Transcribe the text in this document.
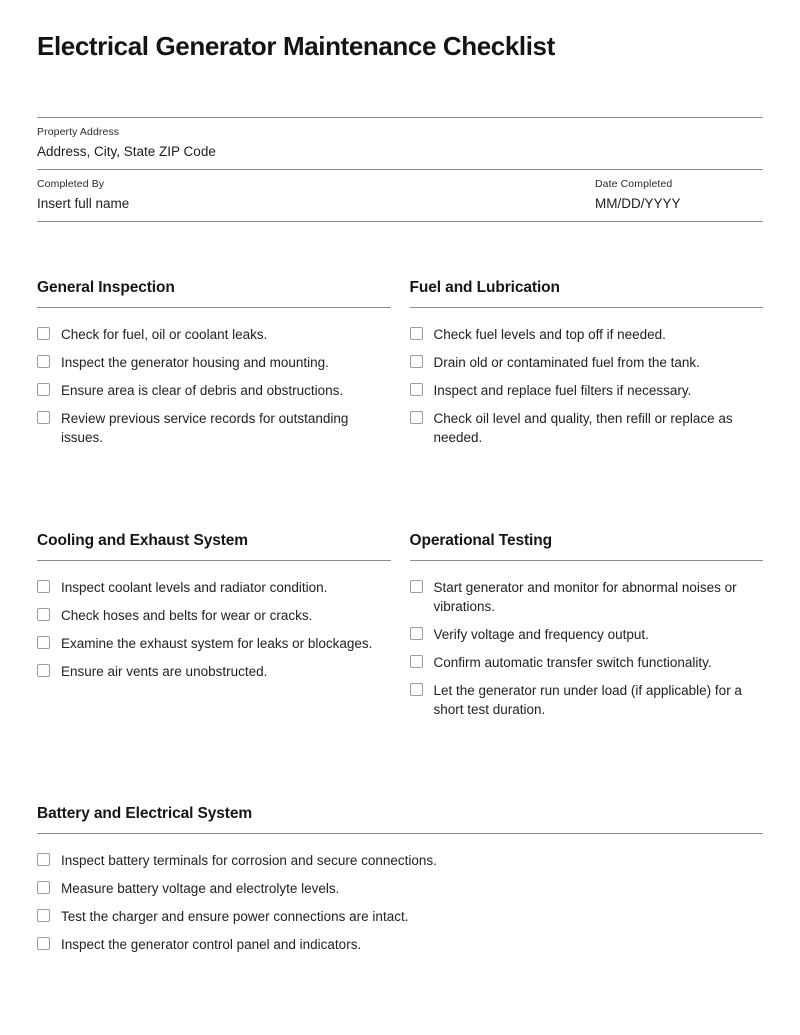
Electrical Generator Maintenance Checklist
Property Address
Address, City, State ZIP Code
Completed By
Insert full name
Date Completed
MM/DD/YYYY
General Inspection
Check for fuel, oil or coolant leaks.
Inspect the generator housing and mounting.
Ensure area is clear of debris and obstructions.
Review previous service records for outstanding issues.
Fuel and Lubrication
Check fuel levels and top off if needed.
Drain old or contaminated fuel from the tank.
Inspect and replace fuel filters if necessary.
Check oil level and quality, then refill or replace as needed.
Cooling and Exhaust System
Inspect coolant levels and radiator condition.
Check hoses and belts for wear or cracks.
Examine the exhaust system for leaks or blockages.
Ensure air vents are unobstructed.
Operational Testing
Start generator and monitor for abnormal noises or vibrations.
Verify voltage and frequency output.
Confirm automatic transfer switch functionality.
Let the generator run under load (if applicable) for a short test duration.
Battery and Electrical System
Inspect battery terminals for corrosion and secure connections.
Measure battery voltage and electrolyte levels.
Test the charger and ensure power connections are intact.
Inspect the generator control panel and indicators.
